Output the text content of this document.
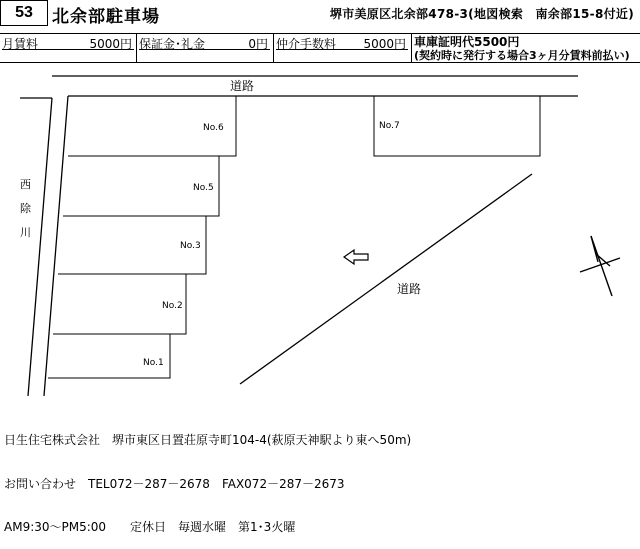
53	北余部駐車場	堺市美原区北余部478-3(地図検索　南余部15-8付近)
月賃料	5000円 保証金･礼金	0円 仲介手数料 5000円 車庫証明代5500円
(契約時に発行する場合3ヶ月分賃料前払い)
道路
西
除
川
No.6
No.5
No.3
No.2
No.1
No.7
道路

日生住宅株式会社　堺市東区日置荘原寺町104-4(萩原天神駅より東へ50m)

お問い合わせ　TEL072－287－2678　FAX072－287－2673

AM9:30～PM5:00　　定休日　毎週水曜　第1･3火曜
